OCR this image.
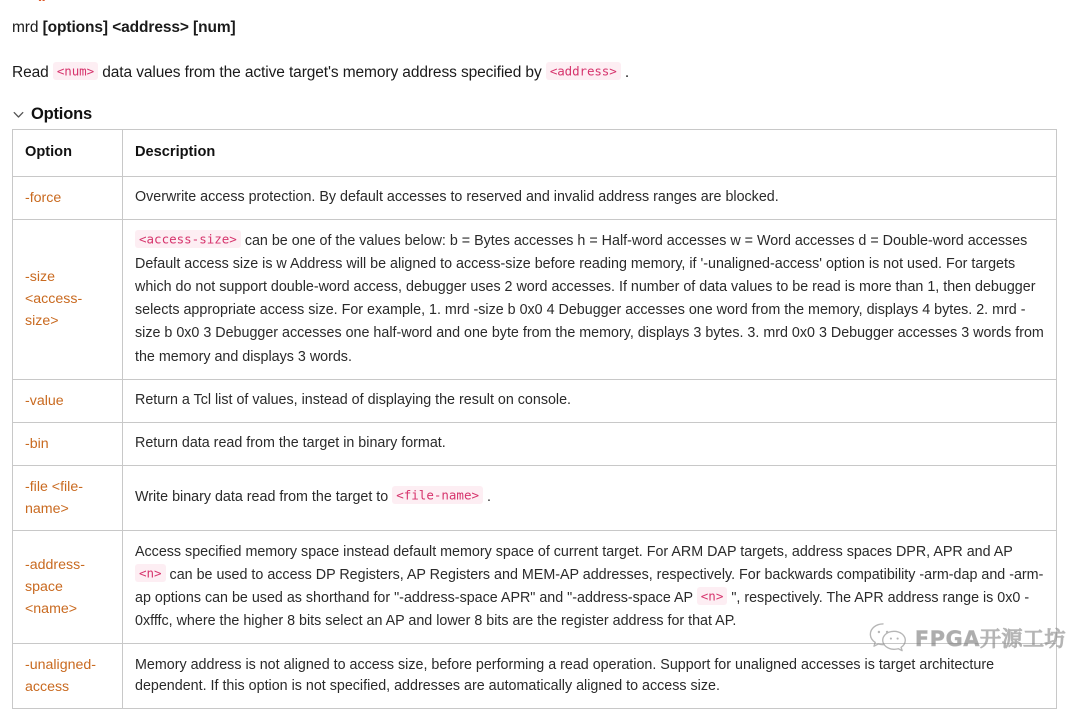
mrd [options] <address> [num]

Read <num> data values from the active target's memory address specified by <address> .

Options
Option	Description
-force	Overwrite access protection. By default accesses to reserved and invalid address ranges are blocked.
-size <access-size>	<access-size> can be one of the values below: b = Bytes accesses h = Half-word accesses w = Word accesses d = Double-word accesses Default access size is w Address will be aligned to access-size before reading memory, if '-unaligned-access' option is not used. For targets which do not support double-word access, debugger uses 2 word accesses. If number of data values to be read is more than 1, then debugger selects appropriate access size. For example, 1. mrd -size b 0x0 4 Debugger accesses one word from the memory, displays 4 bytes. 2. mrd -size b 0x0 3 Debugger accesses one half-word and one byte from the memory, displays 3 bytes. 3. mrd 0x0 3 Debugger accesses 3 words from the memory and displays 3 words.
-value	Return a Tcl list of values, instead of displaying the result on console.
-bin	Return data read from the target in binary format.
-file <file-name>	Write binary data read from the target to <file-name> .
-address-space <name>	Access specified memory space instead default memory space of current target. For ARM DAP targets, address spaces DPR, APR and AP <n> can be used to access DP Registers, AP Registers and MEM-AP addresses, respectively. For backwards compatibility -arm-dap and -arm-ap options can be used as shorthand for "-address-space APR" and "-address-space AP <n> ", respectively. The APR address range is 0x0 - 0xfffc, where the higher 8 bits select an AP and lower 8 bits are the register address for that AP.
-unaligned-access	Memory address is not aligned to access size, before performing a read operation. Support for unaligned accesses is target architecture dependent. If this option is not specified, addresses are automatically aligned to access size.
FPGA开源工坊
